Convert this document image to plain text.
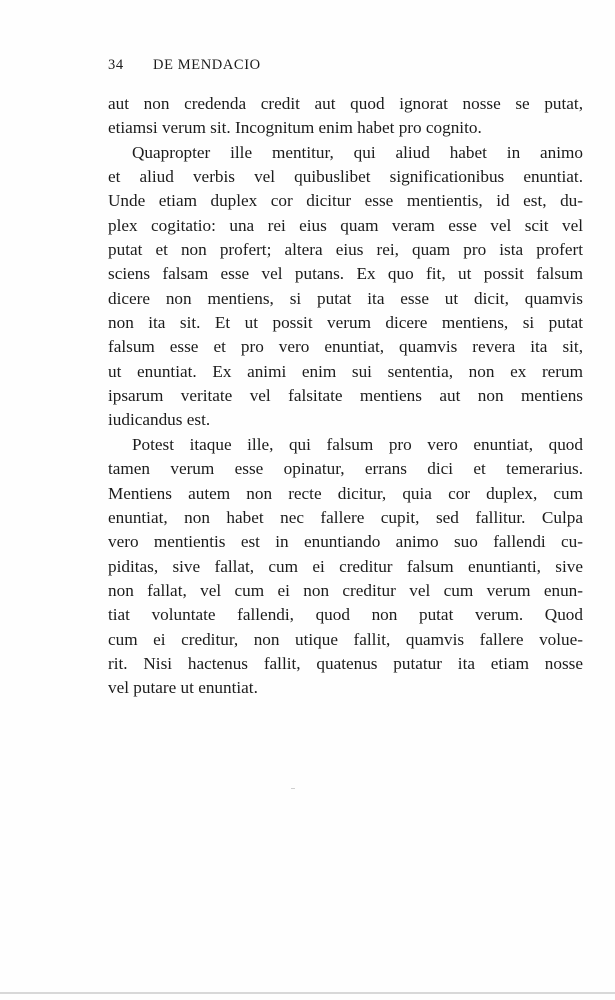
34 DE MENDACIO
aut non credenda credit aut quod ignorat nosse se putat,
etiamsi verum sit. Incognitum enim habet pro cognito.
Quapropter ille mentitur, qui aliud habet in animo
et aliud verbis vel quibuslibet significationibus enuntiat.
Unde etiam duplex cor dicitur esse mentientis, id est, du-
plex cogitatio: una rei eius quam veram esse vel scit vel
putat et non profert; altera eius rei, quam pro ista profert
sciens falsam esse vel putans. Ex quo fit, ut possit falsum
dicere non mentiens, si putat ita esse ut dicit, quamvis
non ita sit. Et ut possit verum dicere mentiens, si putat
falsum esse et pro vero enuntiat, quamvis revera ita sit,
ut enuntiat. Ex animi enim sui sententia, non ex rerum
ipsarum veritate vel falsitate mentiens aut non mentiens
iudicandus est.
Potest itaque ille, qui falsum pro vero enuntiat, quod
tamen verum esse opinatur, errans dici et temerarius.
Mentiens autem non recte dicitur, quia cor duplex, cum
enuntiat, non habet nec fallere cupit, sed fallitur. Culpa
vero mentientis est in enuntiando animo suo fallendi cu-
piditas, sive fallat, cum ei creditur falsum enuntianti, sive
non fallat, vel cum ei non creditur vel cum verum enun-
tiat voluntate fallendi, quod non putat verum. Quod
cum ei creditur, non utique fallit, quamvis fallere volue-
rit. Nisi hactenus fallit, quatenus putatur ita etiam nosse
vel putare ut enuntiat.
